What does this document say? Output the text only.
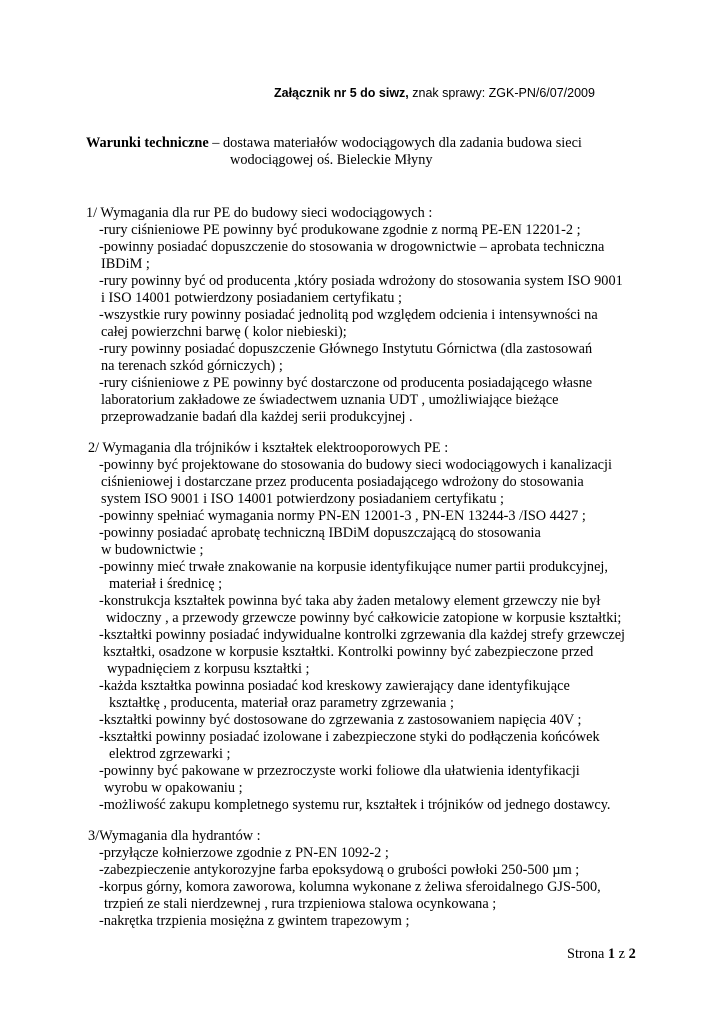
Załącznik nr 5 do siwz, znak sprawy: ZGK-PN/6/07/2009
Warunki techniczne – dostawa materiałów wodociągowych dla zadania budowa sieci
wodociągowej oś. Bieleckie Młyny
1/ Wymagania dla rur PE do budowy sieci wodociągowych :
-rury ciśnieniowe PE powinny być produkowane zgodnie z normą PE-EN 12201-2 ;
-powinny posiadać dopuszczenie do stosowania w drogownictwie – aprobata techniczna
IBDiM ;
-rury powinny być od producenta ,który posiada wdrożony do stosowania system ISO 9001
i ISO 14001 potwierdzony posiadaniem certyfikatu ;
-wszystkie rury powinny posiadać jednolitą pod względem odcienia i intensywności na
całej powierzchni barwę ( kolor niebieski);
-rury powinny posiadać dopuszczenie Głównego Instytutu Górnictwa (dla zastosowań
na terenach szkód górniczych) ;
-rury ciśnieniowe z PE powinny być dostarczone od producenta posiadającego własne
laboratorium zakładowe ze świadectwem uznania UDT , umożliwiające bieżące
przeprowadzanie badań dla każdej serii produkcyjnej .
2/ Wymagania dla trójników i kształtek elektrooporowych PE :
-powinny być projektowane do stosowania do budowy sieci wodociągowych i kanalizacji
ciśnieniowej i dostarczane przez producenta posiadającego wdrożony do stosowania
system ISO 9001 i ISO 14001 potwierdzony posiadaniem certyfikatu ;
-powinny spełniać wymagania normy PN-EN 12001-3 , PN-EN 13244-3 /ISO 4427 ;
-powinny posiadać aprobatę techniczną IBDiM dopuszczającą do stosowania
w budownictwie ;
-powinny mieć trwałe znakowanie na korpusie identyfikujące numer partii produkcyjnej,
materiał i średnicę ;
-konstrukcja kształtek powinna być taka aby żaden metalowy element grzewczy nie był
widoczny , a przewody grzewcze powinny być całkowicie zatopione w korpusie kształtki;
-kształtki powinny posiadać indywidualne kontrolki zgrzewania dla każdej strefy grzewczej
kształtki, osadzone w korpusie kształtki. Kontrolki powinny być zabezpieczone przed
wypadnięciem z korpusu kształtki ;
-każda kształtka powinna posiadać kod kreskowy zawierający dane identyfikujące
kształtkę , producenta, materiał oraz parametry zgrzewania ;
-kształtki powinny być dostosowane do zgrzewania z zastosowaniem napięcia 40V ;
-kształtki powinny posiadać izolowane i zabezpieczone styki do podłączenia końcówek
elektrod zgrzewarki ;
-powinny być pakowane w przezroczyste worki foliowe dla ułatwienia identyfikacji
wyrobu w opakowaniu ;
-możliwość zakupu kompletnego systemu rur, kształtek i trójników od jednego dostawcy.
3/Wymagania dla hydrantów :
-przyłącze kołnierzowe zgodnie z PN-EN 1092-2 ;
-zabezpieczenie antykorozyjne farba epoksydową o grubości powłoki 250-500 µm ;
-korpus górny, komora zaworowa, kolumna wykonane z żeliwa sferoidalnego GJS-500,
trzpień ze stali nierdzewnej , rura trzpieniowa stalowa ocynkowana ;
-nakrętka trzpienia mosiężna z gwintem trapezowym ;
Strona 1 z 2
